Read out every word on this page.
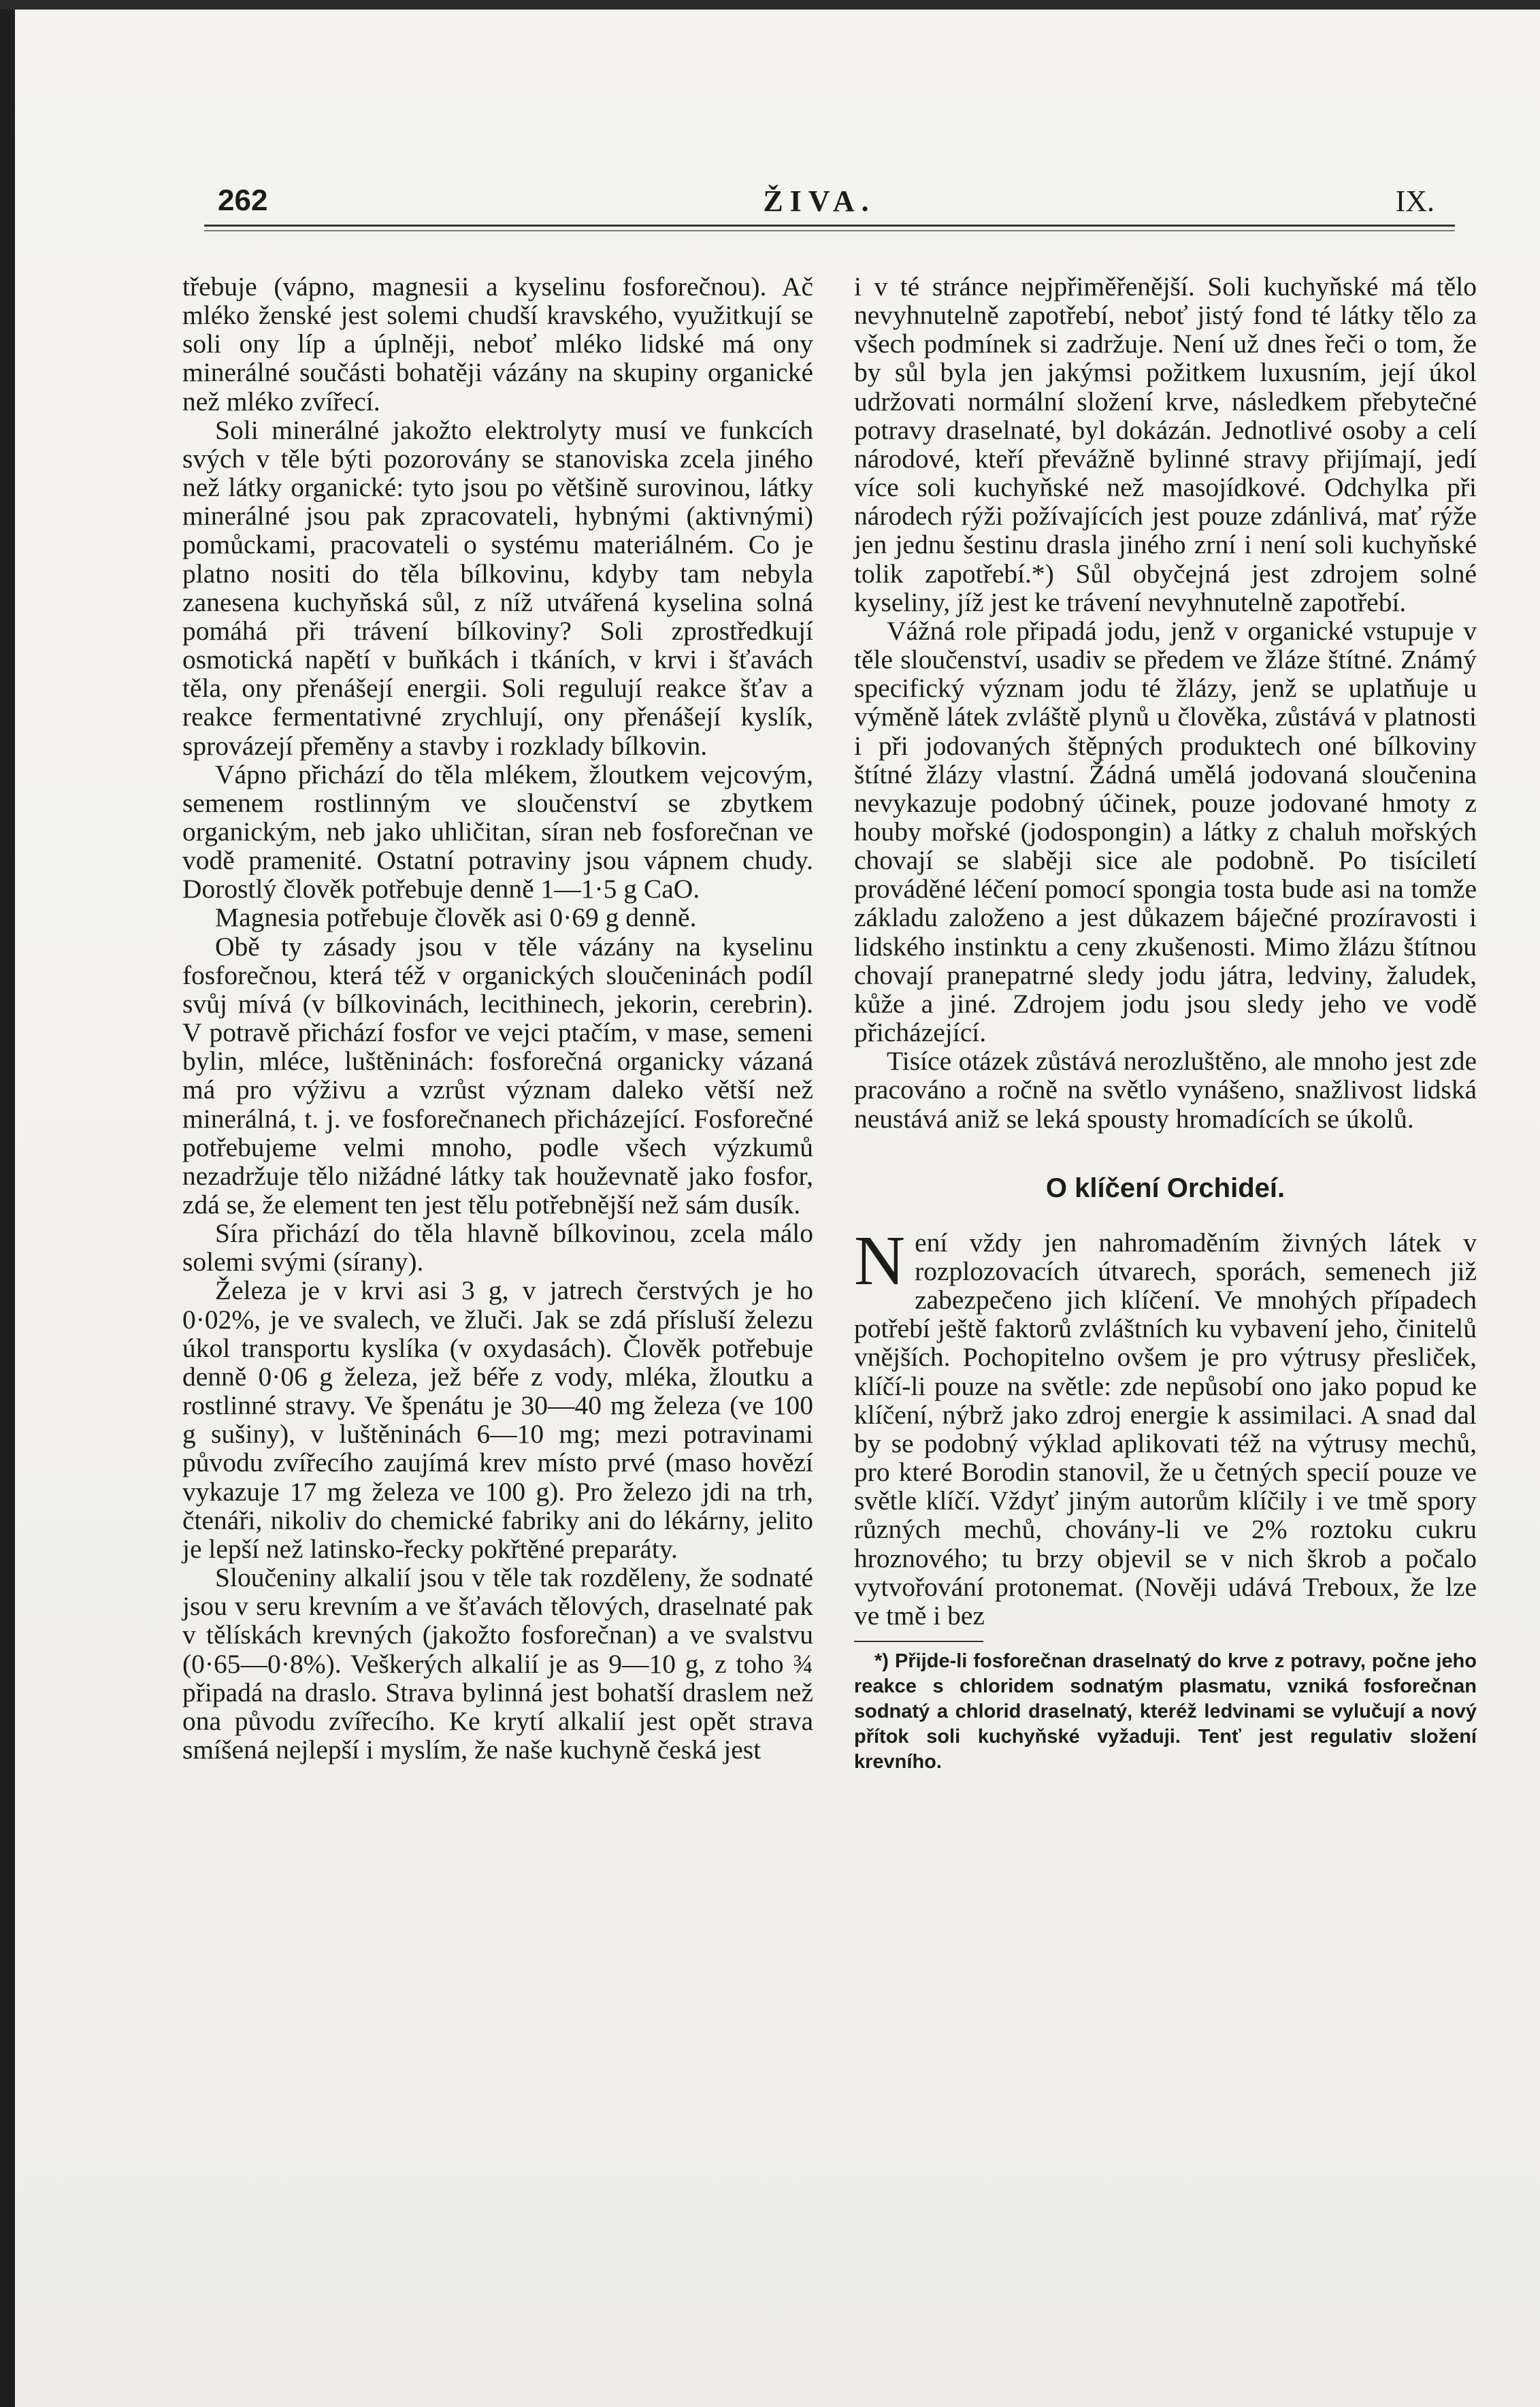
262	ŽIVA.	IX.

třebuje (vápno, magnesii a kyselinu fosforečnou). Ač mléko ženské jest solemi chudší kravského, využitkují se soli ony líp a úplněji, neboť mléko lidské má ony minerálné součásti bohatěji vázány na skupiny organické než mléko zvířecí.

Soli minerálné jakožto elektrolyty musí ve funkcích svých v těle býti pozorovány se stanoviska zcela jiného než látky organické: tyto jsou po většině surovinou, látky minerálné jsou pak zpracovateli, hybnými (aktivnými) pomůckami, pracovateli o systému materiálném. Co je platno nositi do těla bílkovinu, kdyby tam nebyla zanesena kuchyňská sůl, z níž utvářená kyselina solná pomáhá při trávení bílkoviny? Soli zprostředkují osmotická napětí v buňkách i tkáních, v krvi i šťavách těla, ony přenášejí energii. Soli regulují reakce šťav a reakce fermentativné zrychlují, ony přenášejí kyslík, sprovázejí přeměny a stavby i rozklady bílkovin.

Vápno přichází do těla mlékem, žloutkem vejcovým, semenem rostlinným ve sloučenství se zbytkem organickým, neb jako uhličitan, síran neb fosforečnan ve vodě pramenité. Ostatní potraviny jsou vápnem chudy. Dorostlý člověk potřebuje denně 1—1·5 g CaO.

Magnesia potřebuje člověk asi 0·69 g denně.

Obě ty zásady jsou v těle vázány na kyselinu fosforečnou, která též v organických sloučeninách podíl svůj mívá (v bílkovinách, lecithinech, jekorin, cerebrin). V potravě přichází fosfor ve vejci ptačím, v mase, semeni bylin, mléce, luštěninách: fosforečná organicky vázaná má pro výživu a vzrůst význam daleko větší než minerálná, t. j. ve fosforečnanech přicházející. Fosforečné potřebujeme velmi mnoho, podle všech výzkumů nezadržuje tělo nižádné látky tak houževnatě jako fosfor, zdá se, že element ten jest tělu potřebnější než sám dusík.

Síra přichází do těla hlavně bílkovinou, zcela málo solemi svými (sírany).

Železa je v krvi asi 3 g, v jatrech čerstvých je ho 0·02%, je ve svalech, ve žluči. Jak se zdá přísluší železu úkol transportu kyslíka (v oxydasách). Člověk potřebuje denně 0·06 g železa, jež béře z vody, mléka, žloutku a rostlinné stravy. Ve špenátu je 30—40 mg železa (ve 100 g sušiny), v luštěninách 6—10 mg; mezi potravinami původu zvířecího zaujímá krev místo prvé (maso hovězí vykazuje 17 mg železa ve 100 g). Pro železo jdi na trh, čtenáři, nikoliv do chemické fabriky ani do lékárny, jelito je lepší než latinsko-řecky pokřtěné preparáty.

Sloučeniny alkalií jsou v těle tak rozděleny, že sodnaté jsou v seru krevním a ve šťavách tělových, draselnaté pak v tělískách krevných (jakožto fosforečnan) a ve svalstvu (0·65—0·8%). Veškerých alkalií je as 9—10 g, z toho ¾ připadá na draslo. Strava bylinná jest bohatší draslem než ona původu zvířecího. Ke krytí alkalií jest opět strava smíšená nejlepší i myslím, že naše kuchyně česká jest

i v té stránce nejpřiměřenější. Soli kuchyňské má tělo nevyhnutelně zapotřebí, neboť jistý fond té látky tělo za všech podmínek si zadržuje. Není už dnes řeči o tom, že by sůl byla jen jakýmsi požitkem luxusním, její úkol udržovati normální složení krve, následkem přebytečné potravy draselnaté, byl dokázán. Jednotlivé osoby a celí národové, kteří převážně bylinné stravy přijímají, jedí více soli kuchyňské než masojídkové. Odchylka při národech rýži požívajících jest pouze zdánlivá, mať rýže jen jednu šestinu drasla jiného zrní i není soli kuchyňské tolik zapotřebí.*) Sůl obyčejná jest zdrojem solné kyseliny, jíž jest ke trávení nevyhnutelně zapotřebí.

Vážná role připadá jodu, jenž v organické vstupuje v těle sloučenství, usadiv se předem ve žláze štítné. Známý specifický význam jodu té žlázy, jenž se uplatňuje u výměně látek zvláště plynů u člověka, zůstává v platnosti i při jodovaných štěpných produktech oné bílkoviny štítné žlázy vlastní. Žádná umělá jodovaná sloučenina nevykazuje podobný účinek, pouze jodované hmoty z houby mořské (jodospongin) a látky z chaluh mořských chovají se slaběji sice ale podobně. Po tisíciletí prováděné léčení pomocí spongia tosta bude asi na tomže základu založeno a jest důkazem báječné prozíravosti i lidského instinktu a ceny zkušenosti. Mimo žlázu štítnou chovají pranepatrné sledy jodu játra, ledviny, žaludek, kůže a jiné. Zdrojem jodu jsou sledy jeho ve vodě přicházející.

Tisíce otázek zůstává nerozluštěno, ale mnoho jest zde pracováno a ročně na světlo vynášeno, snažlivost lidská neustává aniž se leká spousty hromadících se úkolů.

O klíčení Orchideí.

Není vždy jen nahromaděním živných látek v rozplozovacích útvarech, sporách, semenech již zabezpečeno jich klíčení. Ve mnohých případech potřebí ještě faktorů zvláštních ku vybavení jeho, činitelů vnějších. Pochopitelno ovšem je pro výtrusy přesliček, klíčí-li pouze na světle: zde nepůsobí ono jako popud ke klíčení, nýbrž jako zdroj energie k assimilaci. A snad dal by se podobný výklad aplikovati též na výtrusy mechů, pro které Borodin stanovil, že u četných specií pouze ve světle klíčí. Vždyť jiným autorům klíčily i ve tmě spory různých mechů, chovány-li ve 2% roztoku cukru hroznového; tu brzy objevil se v nich škrob a počalo vytvořování protonemat. (Nověji udává Treboux, že lze ve tmě i bez

*) Přijde-li fosforečnan draselnatý do krve z potravy, počne jeho reakce s chloridem sodnatým plasmatu, vzniká fosforečnan sodnatý a chlorid draselnatý, kteréž ledvinami se vylučují a nový přítok soli kuchyňské vyžaduji. Tenť jest regulativ složení krevního.
